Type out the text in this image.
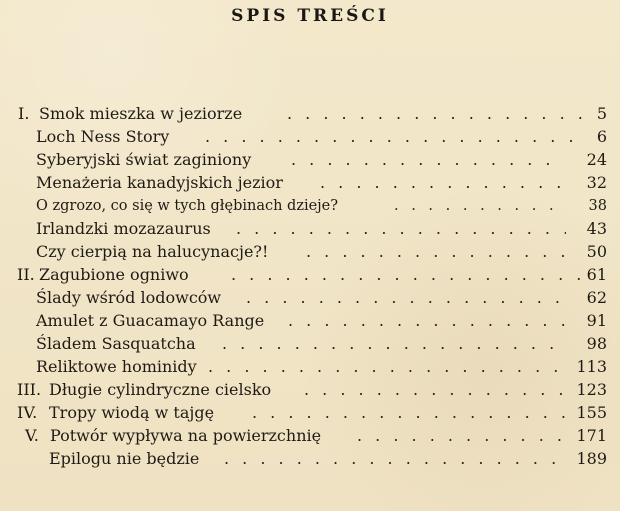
SPIS TREŚCI
I. Smok mieszka w jeziorze . . .	5
Loch Ness Story . . .	6
Syberyjski świat zaginiony . . .	24
Menażeria kanadyjskich jezior . . .	32
O zgrozo, co się w tych głębinach dzieje? . . .	38
Irlandzki mozazaurus . . .	43
Czy cierpią na halucynacje?! . . .	50
II. Zagubione ogniwo . . .	61
Ślady wśród lodowców . . .	62
Amulet z Guacamayo Range . . .	91
Śladem Sasquatcha . . .	98
Reliktowe hominidy . . .	113
III. Długie cylindryczne cielsko . . .	123
IV. Tropy wiodą w tajgę . . .	155
V. Potwór wypływa na powierzchnię . . .	171
Epilogu nie będzie . . .	189
